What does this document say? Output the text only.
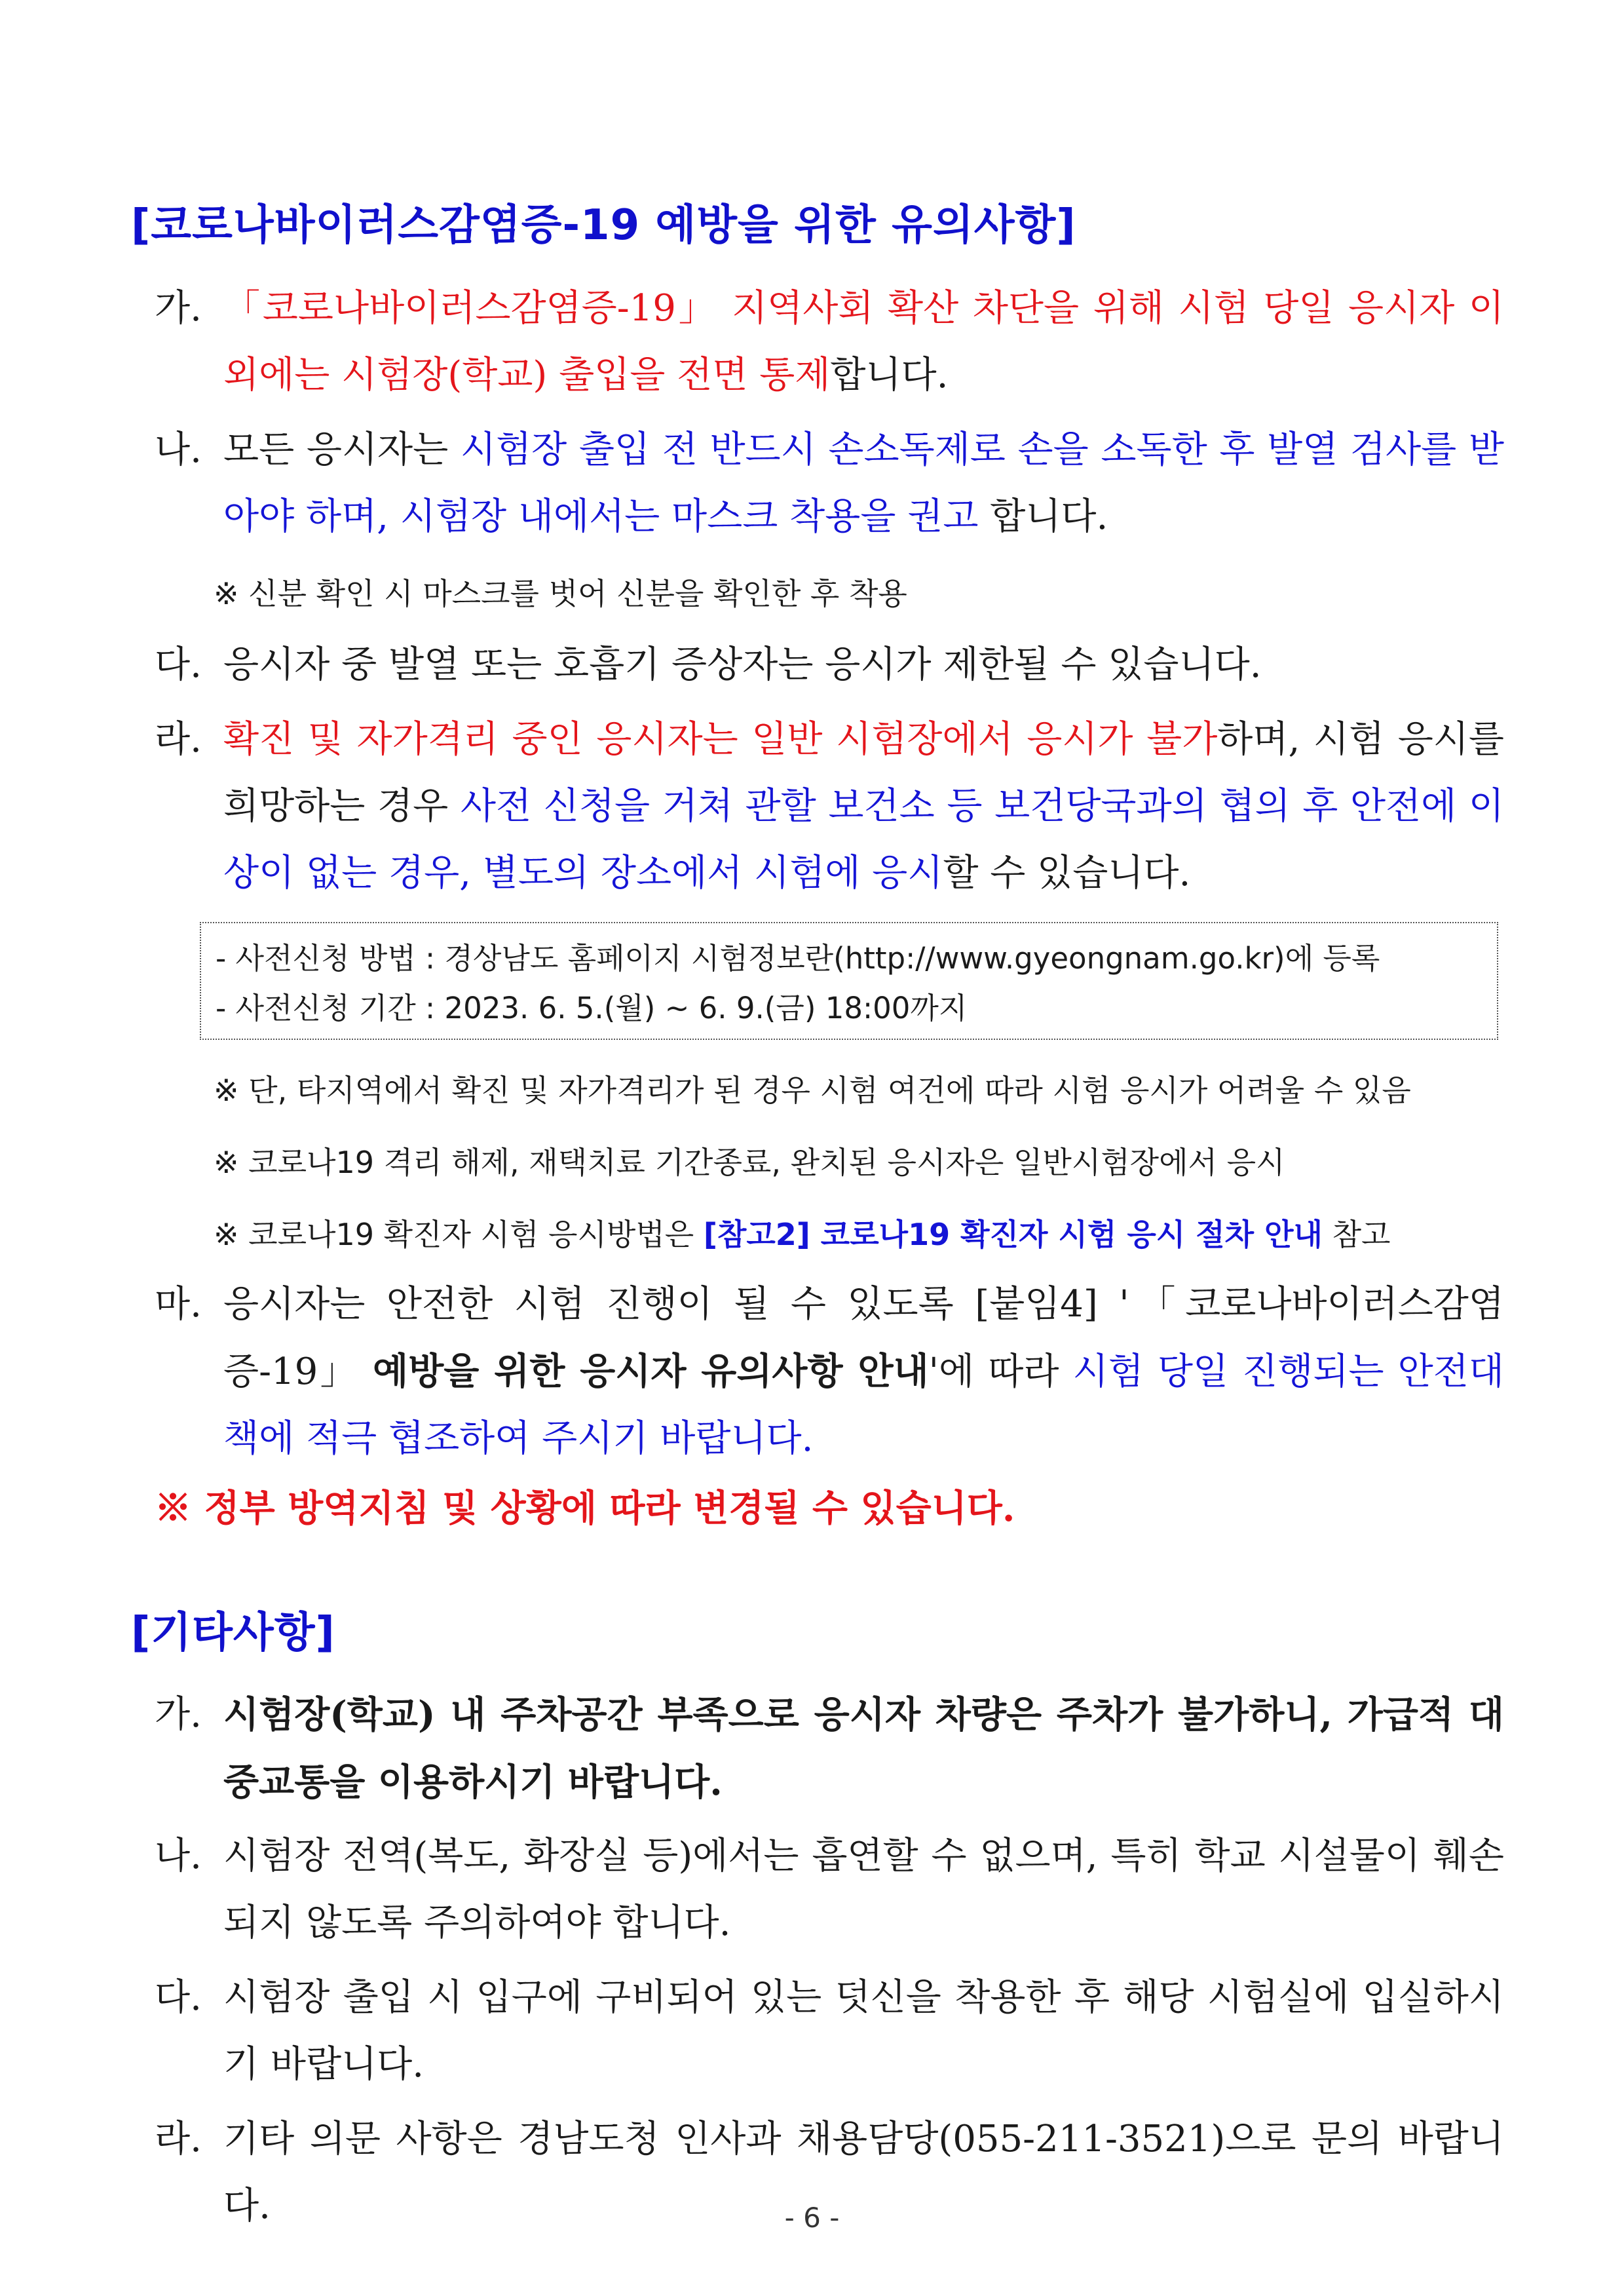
[코로나바이러스감염증-19 예방을 위한 유의사항]
가. 「코로나바이러스감염증-19」 지역사회 확산 차단을 위해 시험 당일 응시자 이외에는 시험장(학교) 출입을 전면 통제합니다.
나. 모든 응시자는 시험장 출입 전 반드시 손소독제로 손을 소독한 후 발열 검사를 받아야 하며, 시험장 내에서는 마스크 착용을 권고 합니다.
※ 신분 확인 시 마스크를 벗어 신분을 확인한 후 착용
다. 응시자 중 발열 또는 호흡기 증상자는 응시가 제한될 수 있습니다.
라. 확진 및 자가격리 중인 응시자는 일반 시험장에서 응시가 불가하며, 시험 응시를 희망하는 경우 사전 신청을 거쳐 관할 보건소 등 보건당국과의 협의 후 안전에 이상이 없는 경우, 별도의 장소에서 시험에 응시할 수 있습니다.
- 사전신청 방법 : 경상남도 홈페이지 시험정보란(http://www.gyeongnam.go.kr)에 등록
- 사전신청 기간 : 2023. 6. 5.(월) ~ 6. 9.(금) 18:00까지
※ 단, 타지역에서 확진 및 자가격리가 된 경우 시험 여건에 따라 시험 응시가 어려울 수 있음
※ 코로나19 격리 해제, 재택치료 기간종료, 완치된 응시자은 일반시험장에서 응시
※ 코로나19 확진자 시험 응시방법은 [참고2] 코로나19 확진자 시험 응시 절차 안내 참고
마. 응시자는 안전한 시험 진행이 될 수 있도록 [붙임4] '「코로나바이러스감염증-19」 예방을 위한 응시자 유의사항 안내'에 따라 시험 당일 진행되는 안전대책에 적극 협조하여 주시기 바랍니다.
※ 정부 방역지침 및 상황에 따라 변경될 수 있습니다.
[기타사항]
가. 시험장(학교) 내 주차공간 부족으로 응시자 차량은 주차가 불가하니, 가급적 대중교통을 이용하시기 바랍니다.
나. 시험장 전역(복도, 화장실 등)에서는 흡연할 수 없으며, 특히 학교 시설물이 훼손되지 않도록 주의하여야 합니다.
다. 시험장 출입 시 입구에 구비되어 있는 덧신을 착용한 후 해당 시험실에 입실하시기 바랍니다.
라. 기타 의문 사항은 경남도청 인사과 채용담당(055-211-3521)으로 문의 바랍니다.	- 6 -
